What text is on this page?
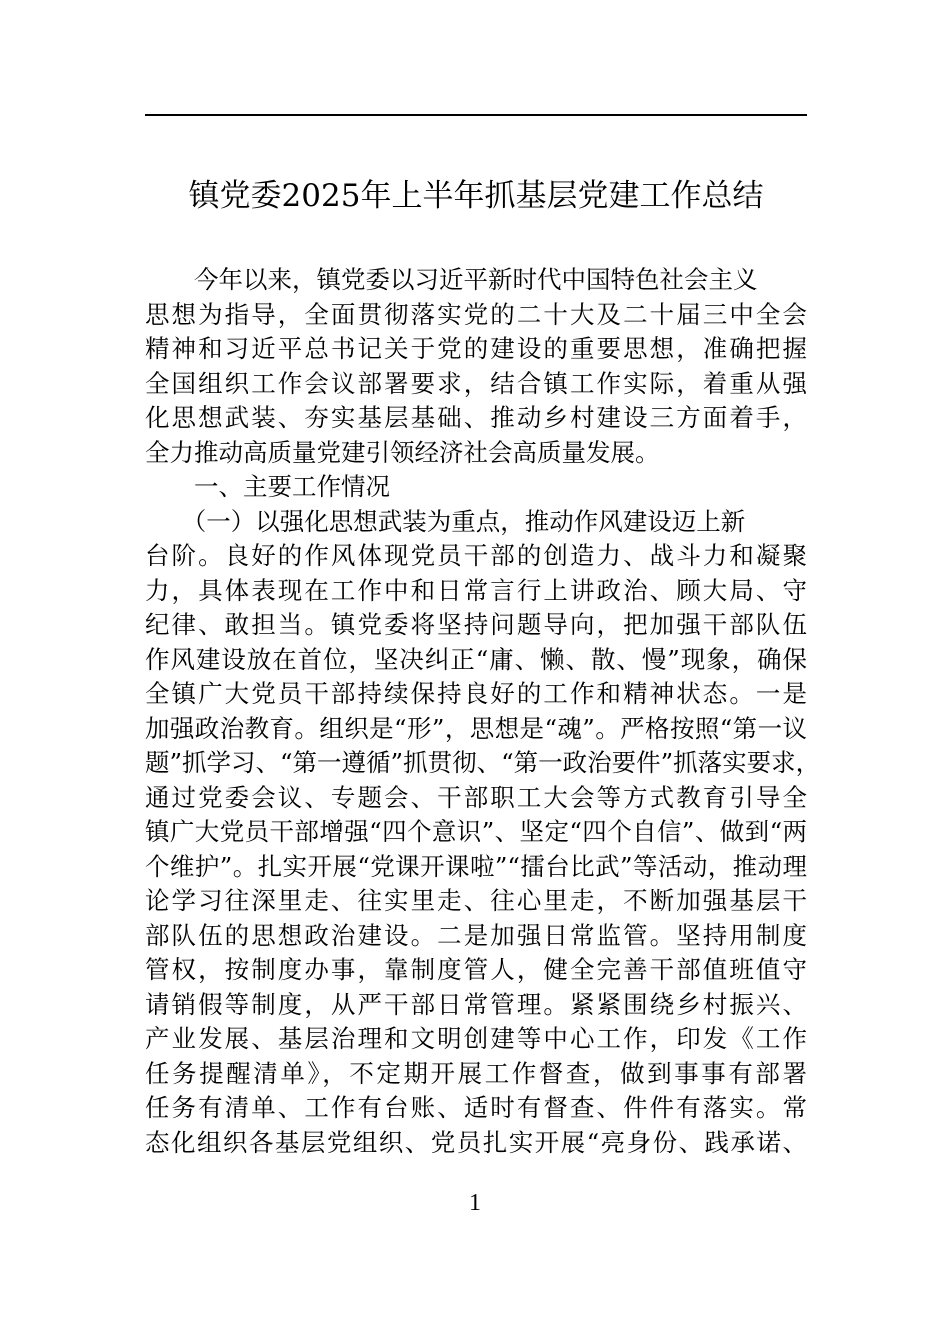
镇党委2025年上半年抓基层党建工作总结
　　今年以来，镇党委以习近平新时代中国特色社会主义
思想为指导，全面贯彻落实党的二十大及二十届三中全会
精神和习近平总书记关于党的建设的重要思想，准确把握
全国组织工作会议部署要求，结合镇工作实际，着重从强
化思想武装、夯实基层基础、推动乡村建设三方面着手，
全力推动高质量党建引领经济社会高质量发展。
　　一、主要工作情况
　　（一）以强化思想武装为重点，推动作风建设迈上新
台阶。良好的作风体现党员干部的创造力、战斗力和凝聚
力，具体表现在工作中和日常言行上讲政治、顾大局、守
纪律、敢担当。镇党委将坚持问题导向，把加强干部队伍
作风建设放在首位，坚决纠正“庸、懒、散、慢”现象，确保
全镇广大党员干部持续保持良好的工作和精神状态。一是
加强政治教育。组织是“形”，思想是“魂”。严格按照“第一议
题”抓学习、“第一遵循”抓贯彻、“第一政治要件”抓落实要求，
通过党委会议、专题会、干部职工大会等方式教育引导全
镇广大党员干部增强“四个意识”、坚定“四个自信”、做到“两
个维护”。扎实开展“党课开课啦”“擂台比武”等活动，推动理
论学习往深里走、往实里走、往心里走，不断加强基层干
部队伍的思想政治建设。二是加强日常监管。坚持用制度
管权，按制度办事，靠制度管人，健全完善干部值班值守
请销假等制度，从严干部日常管理。紧紧围绕乡村振兴、
产业发展、基层治理和文明创建等中心工作，印发《工作
任务提醒清单》，不定期开展工作督查，做到事事有部署
任务有清单、工作有台账、适时有督查、件件有落实。常
态化组织各基层党组织、党员扎实开展“亮身份、践承诺、
1
